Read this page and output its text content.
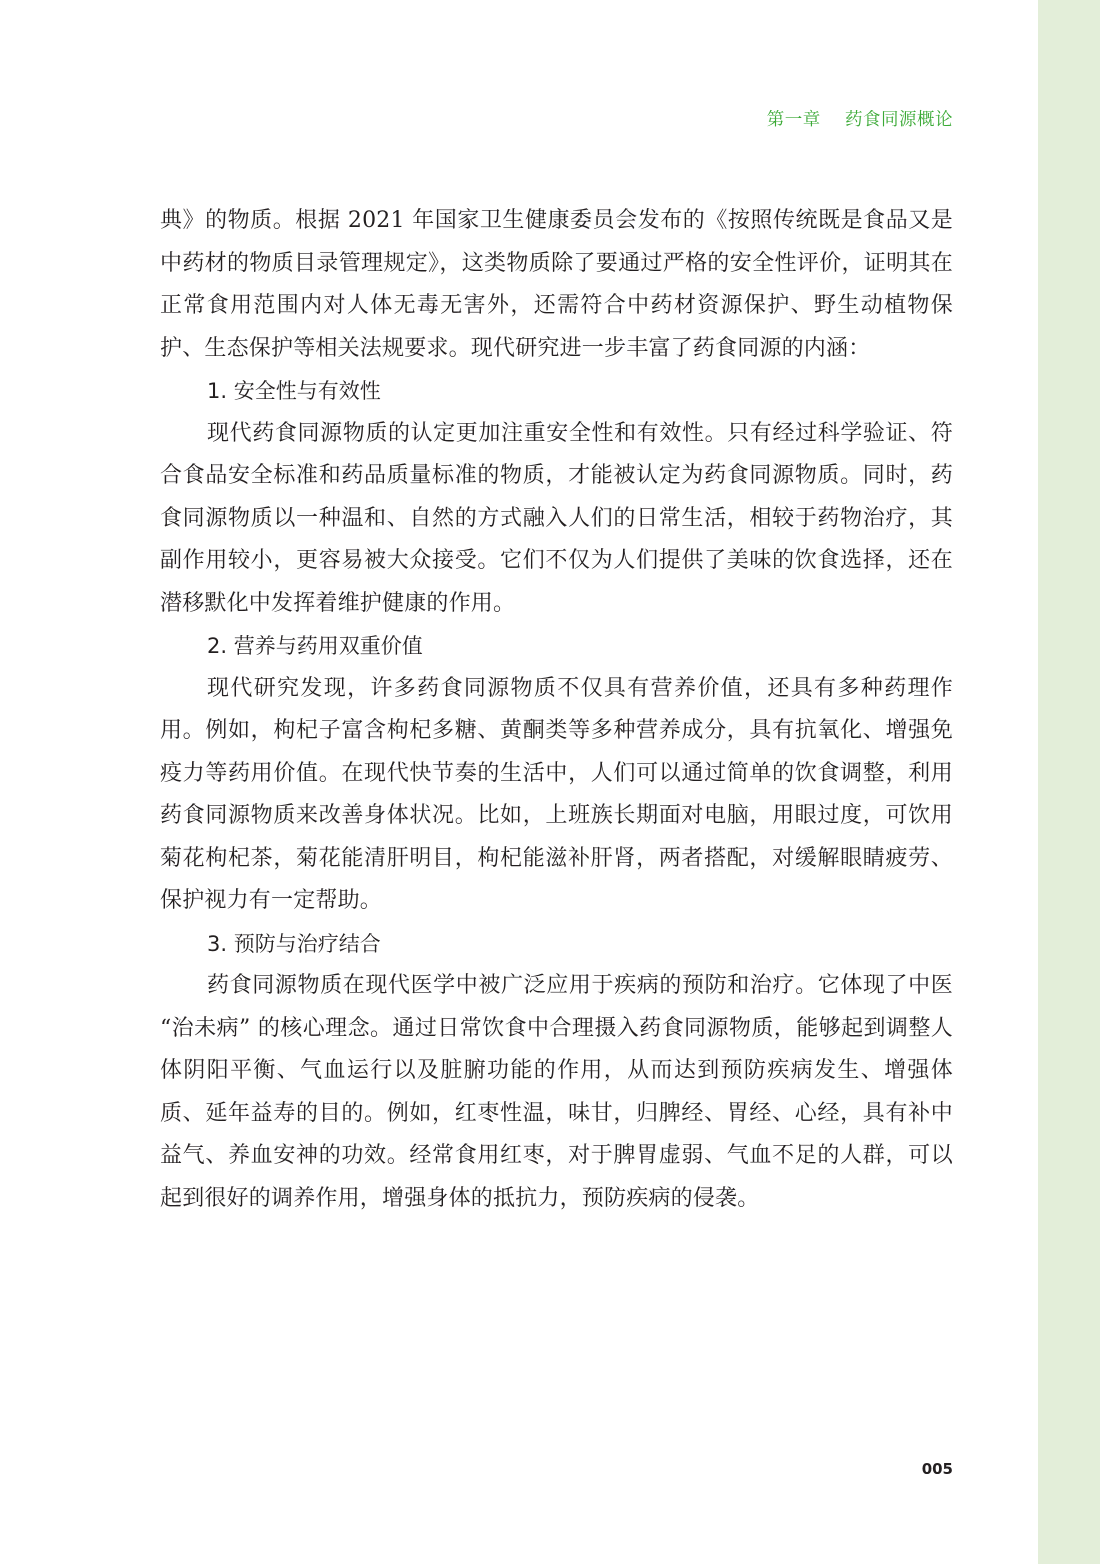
第一章    药食同源概论

典》的物质。根据 2021 年国家卫生健康委员会发布的《按照传统既是食品又是中药材的物质目录管理规定》，这类物质除了要通过严格的安全性评价，证明其在正常食用范围内对人体无毒无害外，还需符合中药材资源保护、野生动植物保护、生态保护等相关法规要求。现代研究进一步丰富了药食同源的内涵：

1. 安全性与有效性

现代药食同源物质的认定更加注重安全性和有效性。只有经过科学验证、符合食品安全标准和药品质量标准的物质，才能被认定为药食同源物质。同时，药食同源物质以一种温和、自然的方式融入人们的日常生活，相较于药物治疗，其副作用较小，更容易被大众接受。它们不仅为人们提供了美味的饮食选择，还在潜移默化中发挥着维护健康的作用。

2. 营养与药用双重价值

现代研究发现，许多药食同源物质不仅具有营养价值，还具有多种药理作用。例如，枸杞子富含枸杞多糖、黄酮类等多种营养成分，具有抗氧化、增强免疫力等药用价值。在现代快节奏的生活中，人们可以通过简单的饮食调整，利用药食同源物质来改善身体状况。比如，上班族长期面对电脑，用眼过度，可饮用菊花枸杞茶，菊花能清肝明目，枸杞能滋补肝肾，两者搭配，对缓解眼睛疲劳、保护视力有一定帮助。

3. 预防与治疗结合

药食同源物质在现代医学中被广泛应用于疾病的预防和治疗。它体现了中医 “治未病” 的核心理念。通过日常饮食中合理摄入药食同源物质，能够起到调整人体阴阳平衡、气血运行以及脏腑功能的作用，从而达到预防疾病发生、增强体质、延年益寿的目的。例如，红枣性温，味甘，归脾经、胃经、心经，具有补中益气、养血安神的功效。经常食用红枣，对于脾胃虚弱、气血不足的人群，可以起到很好的调养作用，增强身体的抵抗力，预防疾病的侵袭。

005
